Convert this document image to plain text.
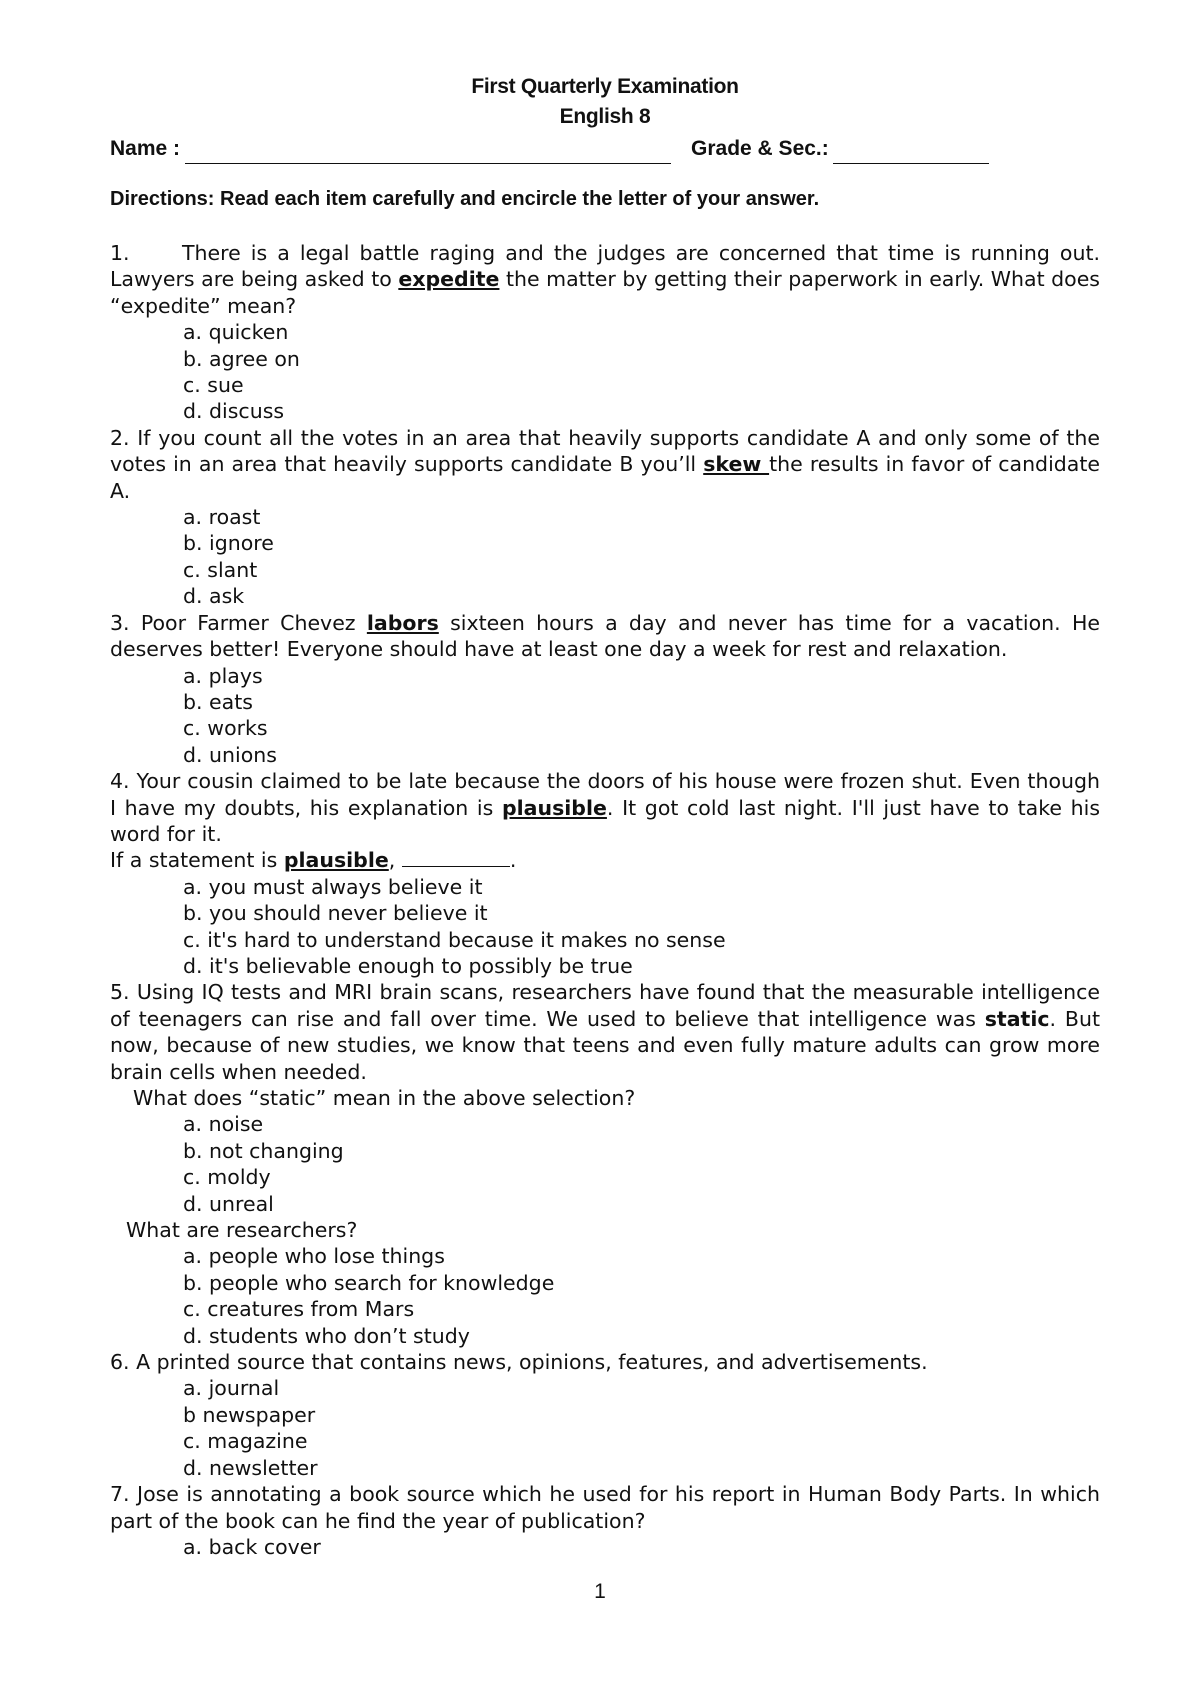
First Quarterly Examination
English 8
Name :	Grade & Sec.:
Directions: Read each item carefully and encircle the letter of your answer.
1.	There is a legal battle raging and the judges are concerned that time is running out. Lawyers are being asked to expedite the matter by getting their paperwork in early. What does “expedite” mean?
a. quicken
b. agree on
c. sue
d. discuss
2. If you count all the votes in an area that heavily supports candidate A and only some of the votes in an area that heavily supports candidate B you’ll skew the results in favor of candidate A.
a. roast
b. ignore
c. slant
d. ask
3. Poor Farmer Chevez labors sixteen hours a day and never has time for a vacation. He deserves better! Everyone should have at least one day a week for rest and relaxation.
a. plays
b. eats
c. works
d. unions
4. Your cousin claimed to be late because the doors of his house were frozen shut. Even though I have my doubts, his explanation is plausible. It got cold last night. I'll just have to take his word for it.
If a statement is plausible,	.
a. you must always believe it
b. you should never believe it
c. it's hard to understand because it makes no sense
d. it's believable enough to possibly be true
5. Using IQ tests and MRI brain scans, researchers have found that the measurable intelligence of teenagers can rise and fall over time. We used to believe that intelligence was static. But now, because of new studies, we know that teens and even fully mature adults can grow more brain cells when needed.
What does “static” mean in the above selection?
a. noise
b. not changing
c. moldy
d. unreal
What are researchers?
a. people who lose things
b. people who search for knowledge
c. creatures from Mars
d. students who don’t study
6. A printed source that contains news, opinions, features, and advertisements.
a. journal
b newspaper
c. magazine
d. newsletter
7. Jose is annotating a book source which he used for his report in Human Body Parts. In which part of the book can he find the year of publication?
a. back cover
1
